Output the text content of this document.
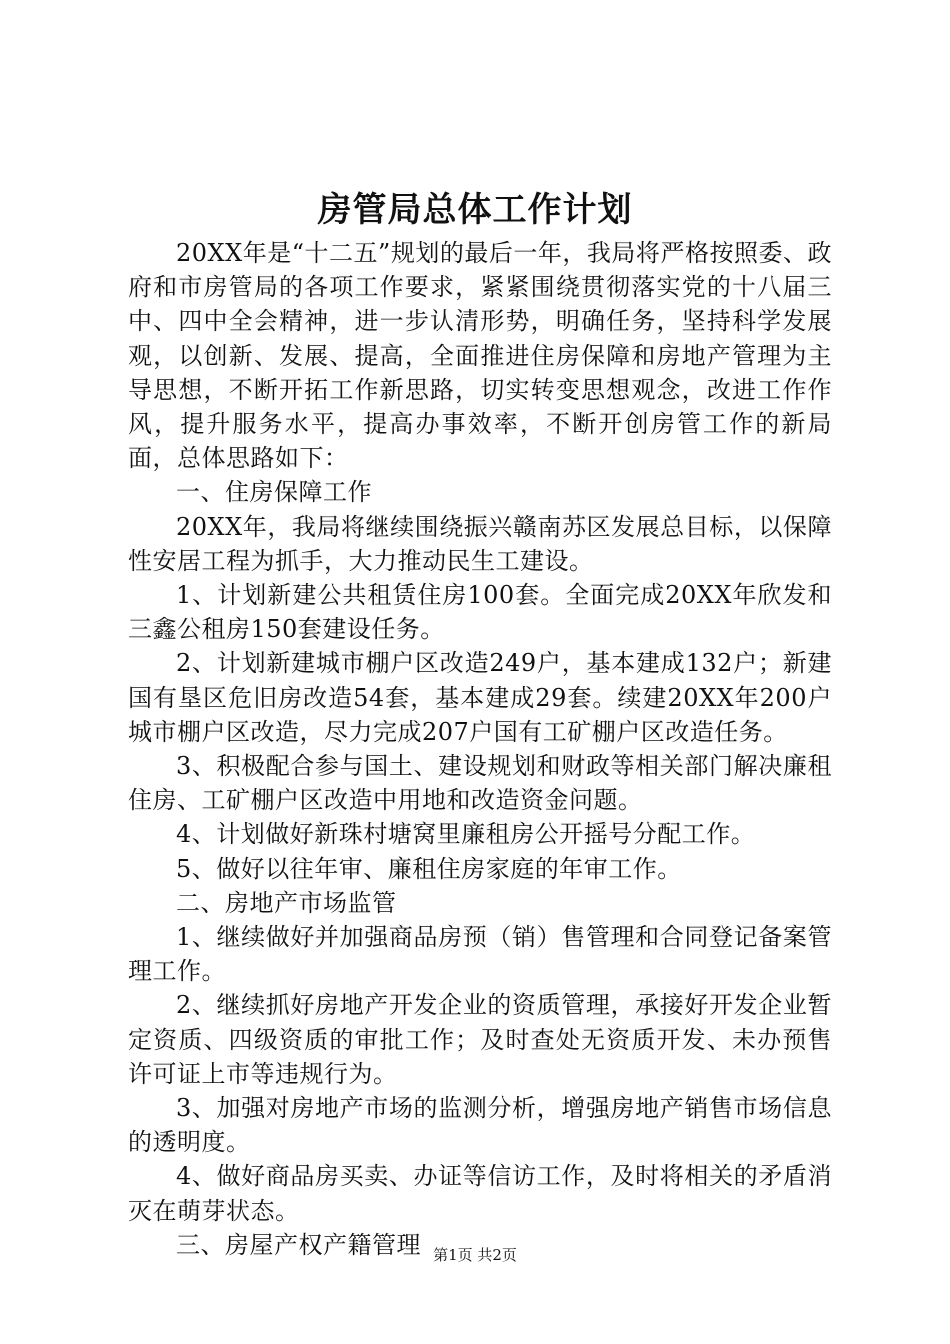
房管局总体工作计划

20XX年是“十二五”规划的最后一年，我局将严格按照委、政府和市房管局的各项工作要求，紧紧围绕贯彻落实党的十八届三中、四中全会精神，进一步认清形势，明确任务，坚持科学发展观，以创新、发展、提高，全面推进住房保障和房地产管理为主导思想，不断开拓工作新思路，切实转变思想观念，改进工作作风，提升服务水平，提高办事效率，不断开创房管工作的新局面，总体思路如下：

一、住房保障工作

20XX年，我局将继续围绕振兴赣南苏区发展总目标，以保障性安居工程为抓手，大力推动民生工建设。

1、计划新建公共租赁住房100套。全面完成20XX年欣发和三鑫公租房150套建设任务。

2、计划新建城市棚户区改造249户，基本建成132户；新建国有垦区危旧房改造54套，基本建成29套。续建20XX年200户城市棚户区改造，尽力完成207户国有工矿棚户区改造任务。

3、积极配合参与国土、建设规划和财政等相关部门解决廉租住房、工矿棚户区改造中用地和改造资金问题。

4、计划做好新珠村塘窝里廉租房公开摇号分配工作。

5、做好以往年审、廉租住房家庭的年审工作。

二、房地产市场监管

1、继续做好并加强商品房预（销）售管理和合同登记备案管理工作。

2、继续抓好房地产开发企业的资质管理，承接好开发企业暂定资质、四级资质的审批工作；及时查处无资质开发、未办预售许可证上市等违规行为。

3、加强对房地产市场的监测分析，增强房地产销售市场信息的透明度。

4、做好商品房买卖、办证等信访工作，及时将相关的矛盾消灭在萌芽状态。

三、房屋产权产籍管理 第1页 共2页
